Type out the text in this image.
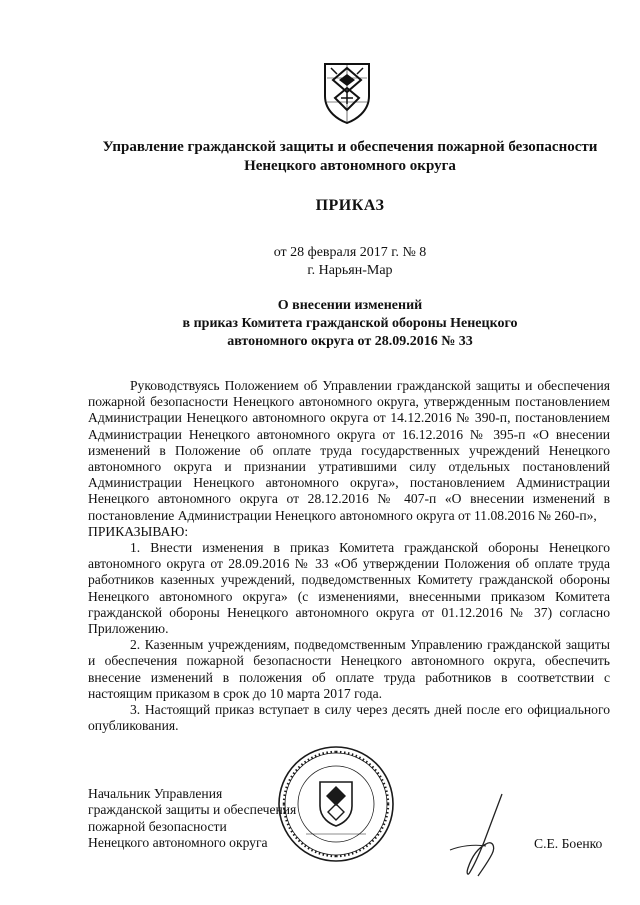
Управление гражданской защиты и обеспечения пожарной безопасности
Ненецкого автономного округа
ПРИКАЗ
от 28 февраля 2017 г. № 8
г. Нарьян-Мар
О внесении изменений
в приказ Комитета гражданской обороны Ненецкого
автономного округа от 28.09.2016 № 33

Руководствуясь Положением об Управлении гражданской защиты и обеспечения пожарной безопасности Ненецкого автономного округа, утвержденным постановлением Администрации Ненецкого автономного округа от 14.12.2016 № 390-п, постановлением Администрации Ненецкого автономного округа от 16.12.2016 № 395-п «О внесении изменений в Положение об оплате труда государственных учреждений Ненецкого автономного округа и признании утратившими силу отдельных постановлений Администрации Ненецкого автономного округа», постановлением Администрации Ненецкого автономного округа от 28.12.2016 № 407-п «О внесении изменений в постановление Администрации Ненецкого автономного округа от 11.08.2016 № 260-п»,

ПРИКАЗЫВАЮ:

1. Внести изменения в приказ Комитета гражданской обороны Ненецкого автономного округа от 28.09.2016 № 33 «Об утверждении Положения об оплате труда работников казенных учреждений, подведомственных Комитету гражданской обороны Ненецкого автономного округа» (с изменениями, внесенными приказом Комитета гражданской обороны Ненецкого автономного округа от 01.12.2016 № 37) согласно Приложению.

2. Казенным учреждениям, подведомственным Управлению гражданской защиты и обеспечения пожарной безопасности Ненецкого автономного округа, обеспечить внесение изменений в положения об оплате труда работников в соответствии с настоящим приказом в срок до 10 марта 2017 года.

3. Настоящий приказ вступает в силу через десять дней после его официального опубликования.

Начальник Управления
гражданской защиты и обеспечения
пожарной безопасности
Ненецкого автономного округа	С.Е. Боенко
